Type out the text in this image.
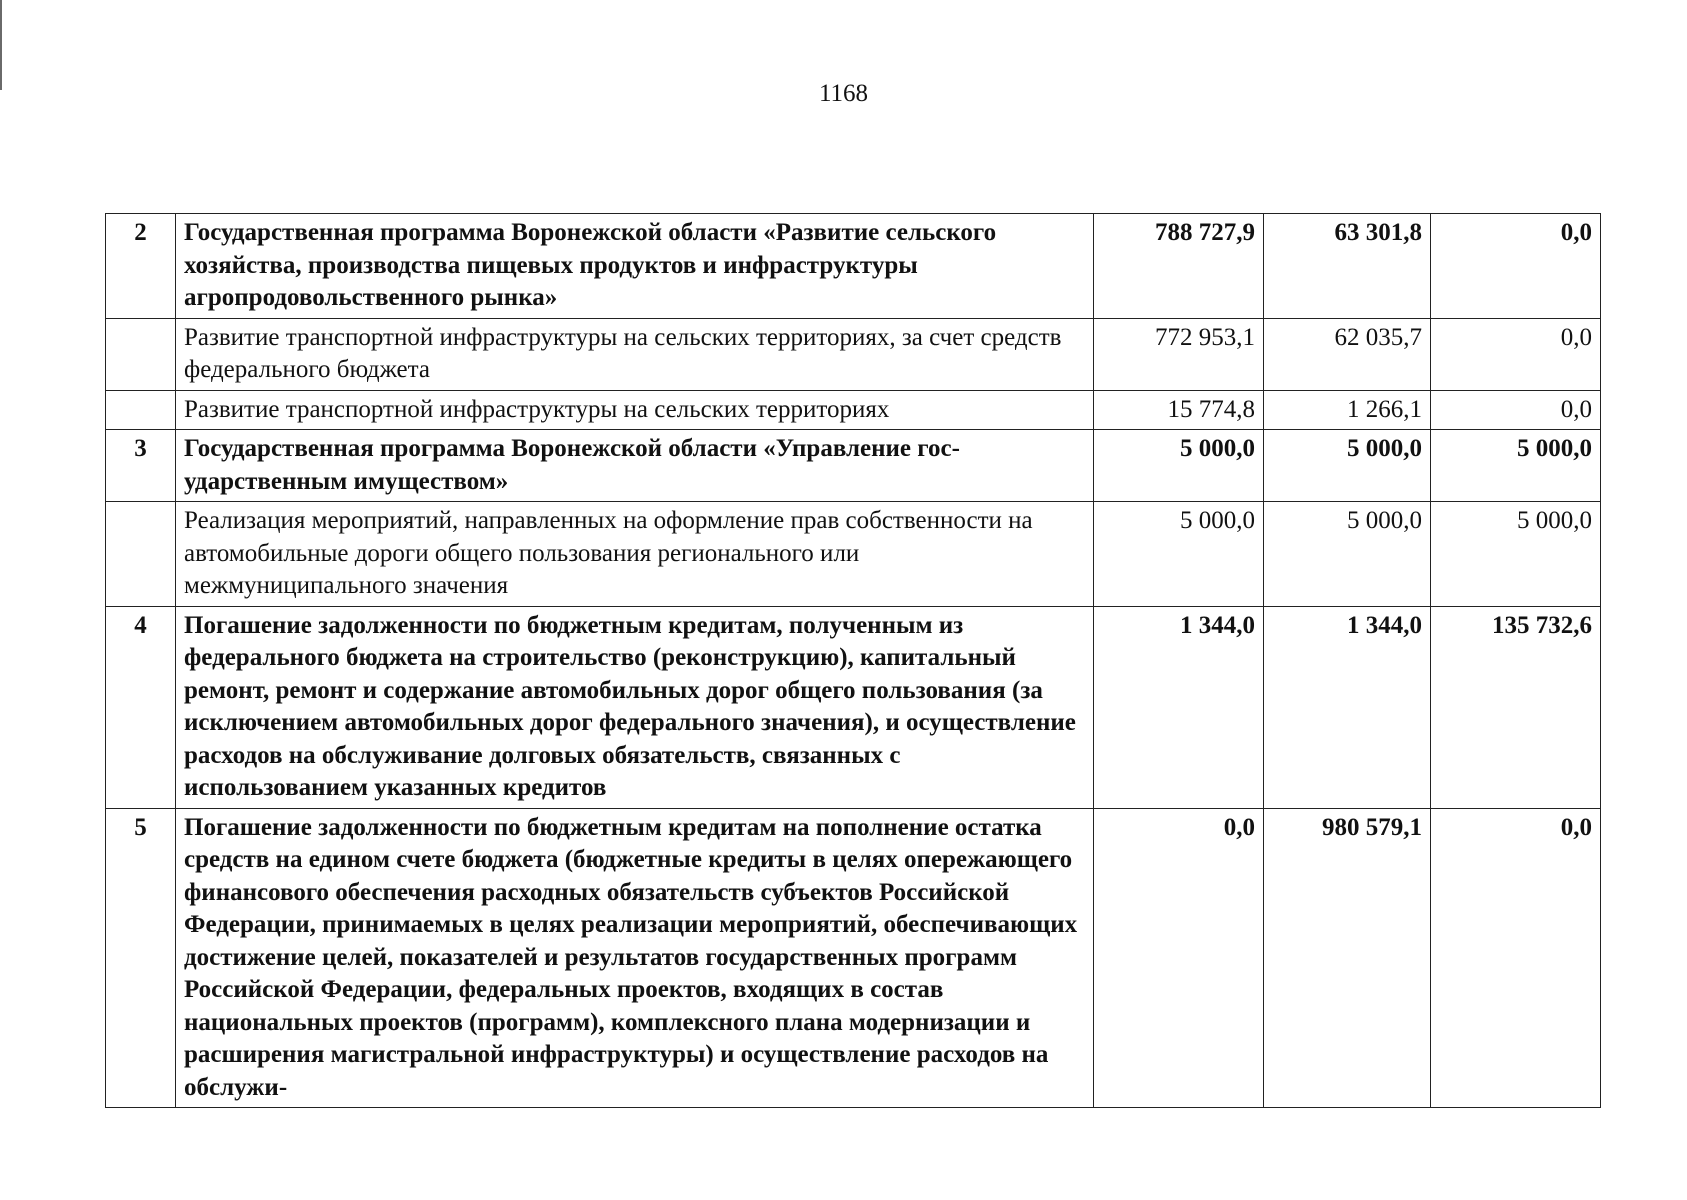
1168
2	Государственная программа Воронежской области «Развитие сельского хозяйства, производства пищевых продуктов и инфраструктуры агропродовольственного рынка»	788 727,9	63 301,8	0,0
	Развитие транспортной инфраструктуры на сельских территориях, за счет средств федерального бюджета	772 953,1	62 035,7	0,0
	Развитие транспортной инфраструктуры на сельских территориях	15 774,8	1 266,1	0,0
3	Государственная программа Воронежской области «Управление государственным имуществом»	5 000,0	5 000,0	5 000,0
	Реализация мероприятий, направленных на оформление прав собственности на автомобильные дороги общего пользования регионального или межмуниципального значения	5 000,0	5 000,0	5 000,0
4	Погашение задолженности по бюджетным кредитам, полученным из федерального бюджета на строительство (реконструкцию), капитальный ремонт, ремонт и содержание автомобильных дорог общего пользования (за исключением автомобильных дорог федерального значения), и осуществление расходов на обслуживание долговых обязательств, связанных с использованием указанных кредитов	1 344,0	1 344,0	135 732,6
5	Погашение задолженности по бюджетным кредитам на пополнение остатка средств на едином счете бюджета (бюджетные кредиты в целях опережающего финансового обеспечения расходных обязательств субъектов Российской Федерации, принимаемых в целях реализации мероприятий, обеспечивающих достижение целей, показателей и результатов государственных программ Российской Федерации, федеральных проектов, входящих в состав национальных проектов (программ), комплексного плана модернизации и расширения магистральной инфраструктуры) и осуществление расходов на обслужи-	0,0	980 579,1	0,0
